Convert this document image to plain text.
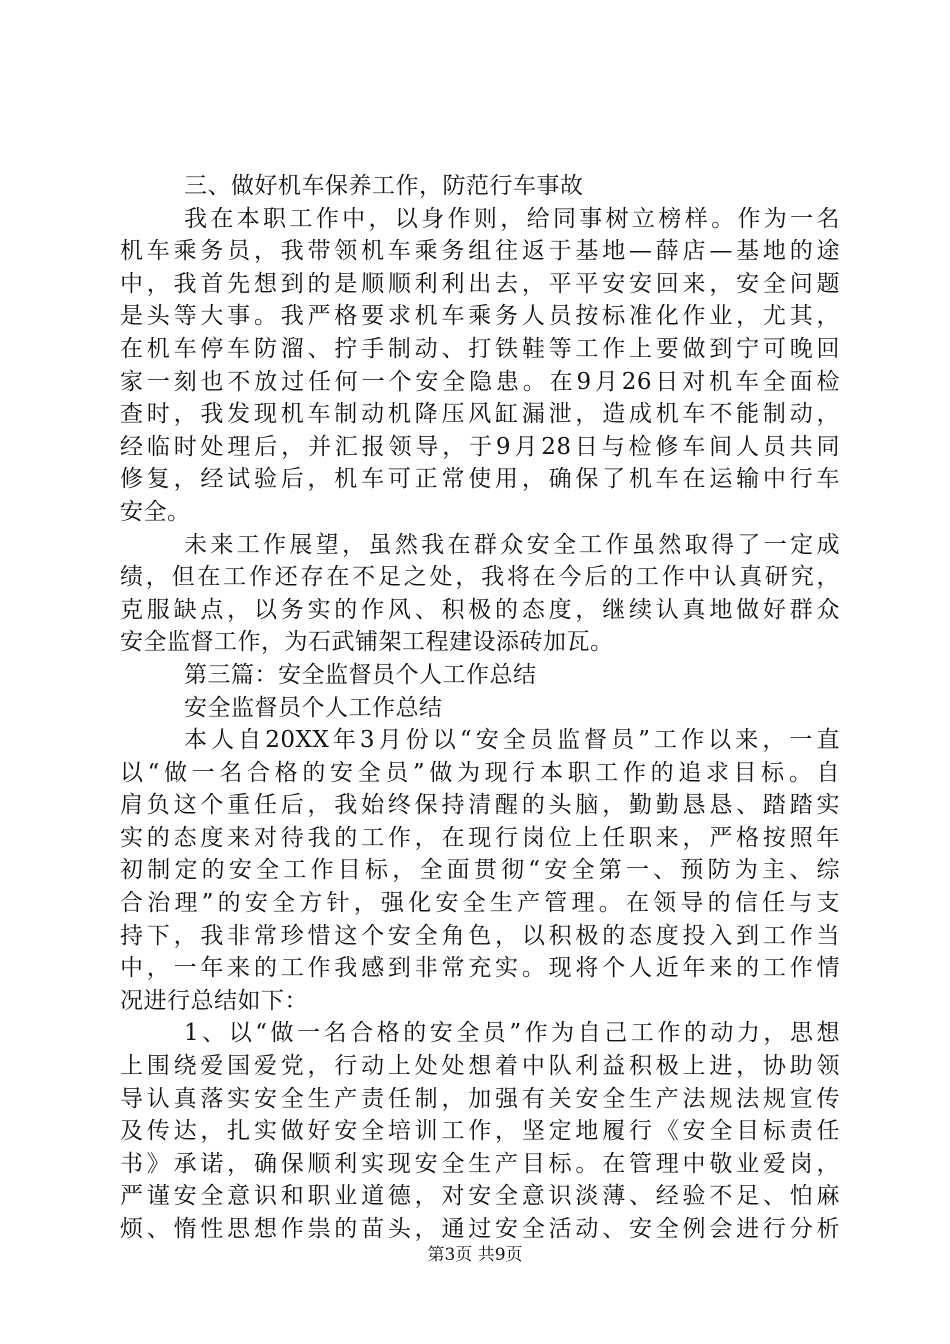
三、做好机车保养工作，防范行车事故
我在本职工作中，以身作则，给同事树立榜样。作为一名
机车乘务员，我带领机车乘务组往返于基地—薛店—基地的途
中，我首先想到的是顺顺利利出去，平平安安回来，安全问题
是头等大事。我严格要求机车乘务人员按标准化作业，尤其，
在机车停车防溜、拧手制动、打铁鞋等工作上要做到宁可晚回
家一刻也不放过任何一个安全隐患。在9月26日对机车全面检
查时，我发现机车制动机降压风缸漏泄，造成机车不能制动，
经临时处理后，并汇报领导，于9月28日与检修车间人员共同
修复，经试验后，机车可正常使用，确保了机车在运输中行车
安全。
未来工作展望，虽然我在群众安全工作虽然取得了一定成
绩，但在工作还存在不足之处，我将在今后的工作中认真研究，
克服缺点，以务实的作风、积极的态度，继续认真地做好群众
安全监督工作，为石武铺架工程建设添砖加瓦。
第三篇：安全监督员个人工作总结
安全监督员个人工作总结
本人自20XX年3月份以“安全员监督员”工作以来，一直
以“做一名合格的安全员”做为现行本职工作的追求目标。自
肩负这个重任后，我始终保持清醒的头脑，勤勤恳恳、踏踏实
实的态度来对待我的工作，在现行岗位上任职来，严格按照年
初制定的安全工作目标，全面贯彻“安全第一、预防为主、综
合治理”的安全方针，强化安全生产管理。在领导的信任与支
持下，我非常珍惜这个安全角色，以积极的态度投入到工作当
中，一年来的工作我感到非常充实。现将个人近年来的工作情
况进行总结如下：
1、以“做一名合格的安全员”作为自己工作的动力，思想
上围绕爱国爱党，行动上处处想着中队利益积极上进，协助领
导认真落实安全生产责任制，加强有关安全生产法规法规宣传
及传达，扎实做好安全培训工作，坚定地履行《安全目标责任
书》承诺，确保顺利实现安全生产目标。在管理中敬业爱岗，
严谨安全意识和职业道德，对安全意识淡薄、经验不足、怕麻
烦、惰性思想作祟的苗头，通过安全活动、安全例会进行分析
第3页 共9页
